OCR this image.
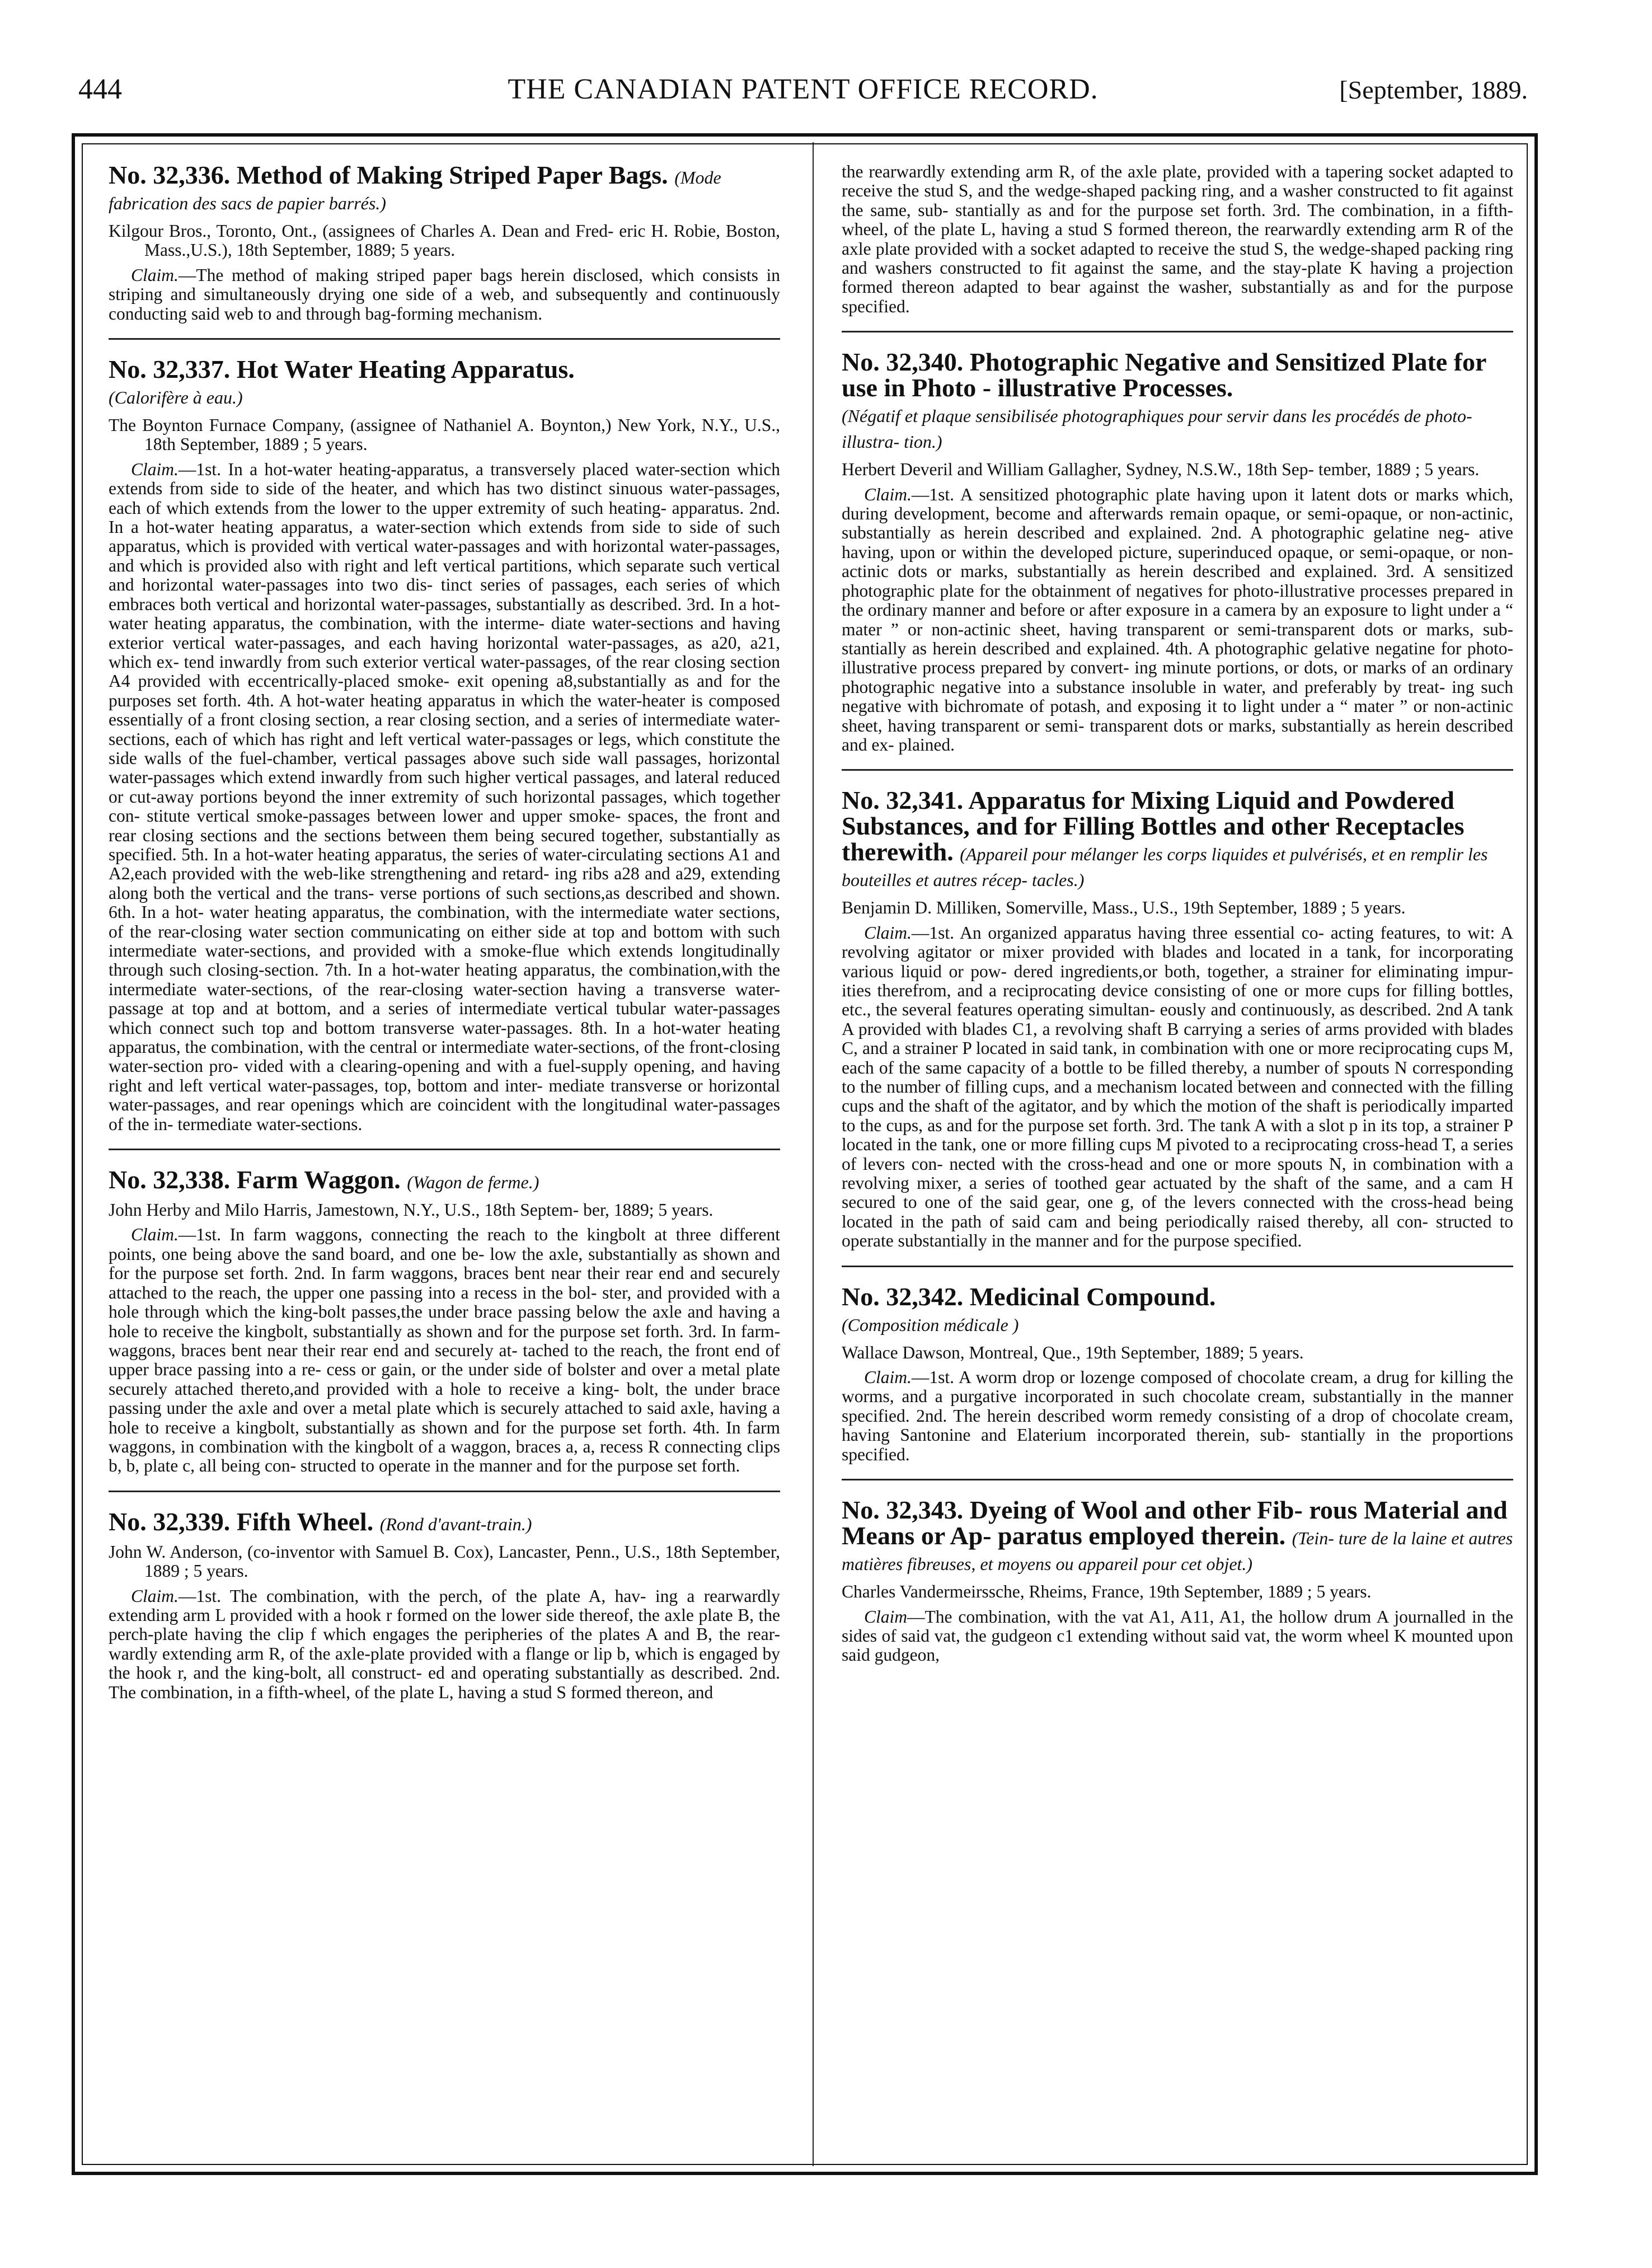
444	THE CANADIAN PATENT OFFICE RECORD.	[September, 1889.
No. 32,336. Method of Making Striped Paper Bags. (Mode fabrication des sacs de papier barrés.)

Kilgour Bros., Toronto, Ont., (assignees of Charles A. Dean and Fred- eric H. Robie, Boston, Mass.,U.S.), 18th September, 1889; 5 years.

Claim.—The method of making striped paper bags herein disclosed, which consists in striping and simultaneously drying one side of a web, and subsequently and continuously conducting said web to and through bag-forming mechanism.

No. 32,337. Hot Water Heating Apparatus.
(Calorifère à eau.)

The Boynton Furnace Company, (assignee of Nathaniel A. Boynton,) New York, N.Y., U.S., 18th September, 1889 ; 5 years.

Claim.—1st. In a hot-water heating-apparatus, a transversely placed water-section which extends from side to side of the heater, and which has two distinct sinuous water-passages, each of which extends from the lower to the upper extremity of such heating- apparatus. 2nd. In a hot-water heating apparatus, a water-section which extends from side to side of such apparatus, which is provided with vertical water-passages and with horizontal water-passages, and which is provided also with right and left vertical partitions, which separate such vertical and horizontal water-passages into two dis- tinct series of passages, each series of which embraces both vertical and horizontal water-passages, substantially as described. 3rd. In a hot-water heating apparatus, the combination, with the interme- diate water-sections and having exterior vertical water-passages, and each having horizontal water-passages, as a20, a21, which ex- tend inwardly from such exterior vertical water-passages, of the rear closing section A4 provided with eccentrically-placed smoke- exit opening a8,substantially as and for the purposes set forth. 4th. A hot-water heating apparatus in which the water-heater is composed essentially of a front closing section, a rear closing section, and a series of intermediate water-sections, each of which has right and left vertical water-passages or legs, which constitute the side walls of the fuel-chamber, vertical passages above such side wall passages, horizontal water-passages which extend inwardly from such higher vertical passages, and lateral reduced or cut-away portions beyond the inner extremity of such horizontal passages, which together con- stitute vertical smoke-passages between lower and upper smoke- spaces, the front and rear closing sections and the sections between them being secured together, substantially as specified. 5th. In a hot-water heating apparatus, the series of water-circulating sections A1 and A2,each provided with the web-like strengthening and retard- ing ribs a28 and a29, extending along both the vertical and the trans- verse portions of such sections,as described and shown. 6th. In a hot- water heating apparatus, the combination, with the intermediate water sections, of the rear-closing water section communicating on either side at top and bottom with such intermediate water-sections, and provided with a smoke-flue which extends longitudinally through such closing-section. 7th. In a hot-water heating apparatus, the combination,with the intermediate water-sections, of the rear-closing water-section having a transverse water-passage at top and at bottom, and a series of intermediate vertical tubular water-passages which connect such top and bottom transverse water-passages. 8th. In a hot-water heating apparatus, the combination, with the central or intermediate water-sections, of the front-closing water-section pro- vided with a clearing-opening and with a fuel-supply opening, and having right and left vertical water-passages, top, bottom and inter- mediate transverse or horizontal water-passages, and rear openings which are coincident with the longitudinal water-passages of the in- termediate water-sections.

No. 32,338. Farm Waggon. (Wagon de ferme.)

John Herby and Milo Harris, Jamestown, N.Y., U.S., 18th Septem- ber, 1889; 5 years.

Claim.—1st. In farm waggons, connecting the reach to the kingbolt at three different points, one being above the sand board, and one be- low the axle, substantially as shown and for the purpose set forth. 2nd. In farm waggons, braces bent near their rear end and securely attached to the reach, the upper one passing into a recess in the bol- ster, and provided with a hole through which the king-bolt passes,the under brace passing below the axle and having a hole to receive the kingbolt, substantially as shown and for the purpose set forth. 3rd. In farm-waggons, braces bent near their rear end and securely at- tached to the reach, the front end of upper brace passing into a re- cess or gain, or the under side of bolster and over a metal plate securely attached thereto,and provided with a hole to receive a king- bolt, the under brace passing under the axle and over a metal plate which is securely attached to said axle, having a hole to receive a kingbolt, substantially as shown and for the purpose set forth. 4th. In farm waggons, in combination with the kingbolt of a waggon, braces a, a, recess R connecting clips b, b, plate c, all being con- structed to operate in the manner and for the purpose set forth.

No. 32,339. Fifth Wheel. (Rond d'avant-train.)

John W. Anderson, (co-inventor with Samuel B. Cox), Lancaster, Penn., U.S., 18th September, 1889 ; 5 years.

Claim.—1st. The combination, with the perch, of the plate A, hav- ing a rearwardly extending arm L provided with a hook r formed on the lower side thereof, the axle plate B, the perch-plate having the clip f which engages the peripheries of the plates A and B, the rear- wardly extending arm R, of the axle-plate provided with a flange or lip b, which is engaged by the hook r, and the king-bolt, all construct- ed and operating substantially as described. 2nd. The combination, in a fifth-wheel, of the plate L, having a stud S formed thereon, and

the rearwardly extending arm R, of the axle plate, provided with a tapering socket adapted to receive the stud S, and the wedge-shaped packing ring, and a washer constructed to fit against the same, sub- stantially as and for the purpose set forth. 3rd. The combination, in a fifth-wheel, of the plate L, having a stud S formed thereon, the rearwardly extending arm R of the axle plate provided with a socket adapted to receive the stud S, the wedge-shaped packing ring and washers constructed to fit against the same, and the stay-plate K having a projection formed thereon adapted to bear against the washer, substantially as and for the purpose specified.

No. 32,340. Photographic Negative and Sensitized Plate for use in Photo - illustrative Processes.
(Négatif et plaque sensibilisée photographiques pour servir dans les procédés de photo-illustra- tion.)

Herbert Deveril and William Gallagher, Sydney, N.S.W., 18th Sep- tember, 1889 ; 5 years.

Claim.—1st. A sensitized photographic plate having upon it latent dots or marks which, during development, become and afterwards remain opaque, or semi-opaque, or non-actinic, substantially as herein described and explained. 2nd. A photographic gelatine neg- ative having, upon or within the developed picture, superinduced opaque, or semi-opaque, or non-actinic dots or marks, substantially as herein described and explained. 3rd. A sensitized photographic plate for the obtainment of negatives for photo-illustrative processes prepared in the ordinary manner and before or after exposure in a camera by an exposure to light under a “ mater ” or non-actinic sheet, having transparent or semi-transparent dots or marks, sub- stantially as herein described and explained. 4th. A photographic gelative negatine for photo-illustrative process prepared by convert- ing minute portions, or dots, or marks of an ordinary photographic negative into a substance insoluble in water, and preferably by treat- ing such negative with bichromate of potash, and exposing it to light under a “ mater ” or non-actinic sheet, having transparent or semi- transparent dots or marks, substantially as herein described and ex- plained.

No. 32,341. Apparatus for Mixing Liquid and Powdered Substances, and for Filling Bottles and other Receptacles therewith. (Appareil pour mélanger les corps liquides et pulvérisés, et en remplir les bouteilles et autres récep- tacles.)

Benjamin D. Milliken, Somerville, Mass., U.S., 19th September, 1889 ; 5 years.

Claim.—1st. An organized apparatus having three essential co- acting features, to wit: A revolving agitator or mixer provided with blades and located in a tank, for incorporating various liquid or pow- dered ingredients,or both, together, a strainer for eliminating impur- ities therefrom, and a reciprocating device consisting of one or more cups for filling bottles, etc., the several features operating simultan- eously and continuously, as described. 2nd A tank A provided with blades C1, a revolving shaft B carrying a series of arms provided with blades C, and a strainer P located in said tank, in combination with one or more reciprocating cups M, each of the same capacity of a bottle to be filled thereby, a number of spouts N corresponding to the number of filling cups, and a mechanism located between and connected with the filling cups and the shaft of the agitator, and by which the motion of the shaft is periodically imparted to the cups, as and for the purpose set forth. 3rd. The tank A with a slot p in its top, a strainer P located in the tank, one or more filling cups M pivoted to a reciprocating cross-head T, a series of levers con- nected with the cross-head and one or more spouts N, in combination with a revolving mixer, a series of toothed gear actuated by the shaft of the same, and a cam H secured to one of the said gear, one g, of the levers connected with the cross-head being located in the path of said cam and being periodically raised thereby, all con- structed to operate substantially in the manner and for the purpose specified.

No. 32,342. Medicinal Compound.
(Composition médicale )

Wallace Dawson, Montreal, Que., 19th September, 1889; 5 years.

Claim.—1st. A worm drop or lozenge composed of chocolate cream, a drug for killing the worms, and a purgative incorporated in such chocolate cream, substantially in the manner specified. 2nd. The herein described worm remedy consisting of a drop of chocolate cream, having Santonine and Elaterium incorporated therein, sub- stantially in the proportions specified.

No. 32,343. Dyeing of Wool and other Fib- rous Material and Means or Ap- paratus employed therein. (Tein- ture de la laine et autres matières fibreuses, et moyens ou appareil pour cet objet.)

Charles Vandermeirssche, Rheims, France, 19th September, 1889 ; 5 years.

Claim—The combination, with the vat A1, A11, A1, the hollow drum A journalled in the sides of said vat, the gudgeon c1 extending without said vat, the worm wheel K mounted upon said gudgeon,
